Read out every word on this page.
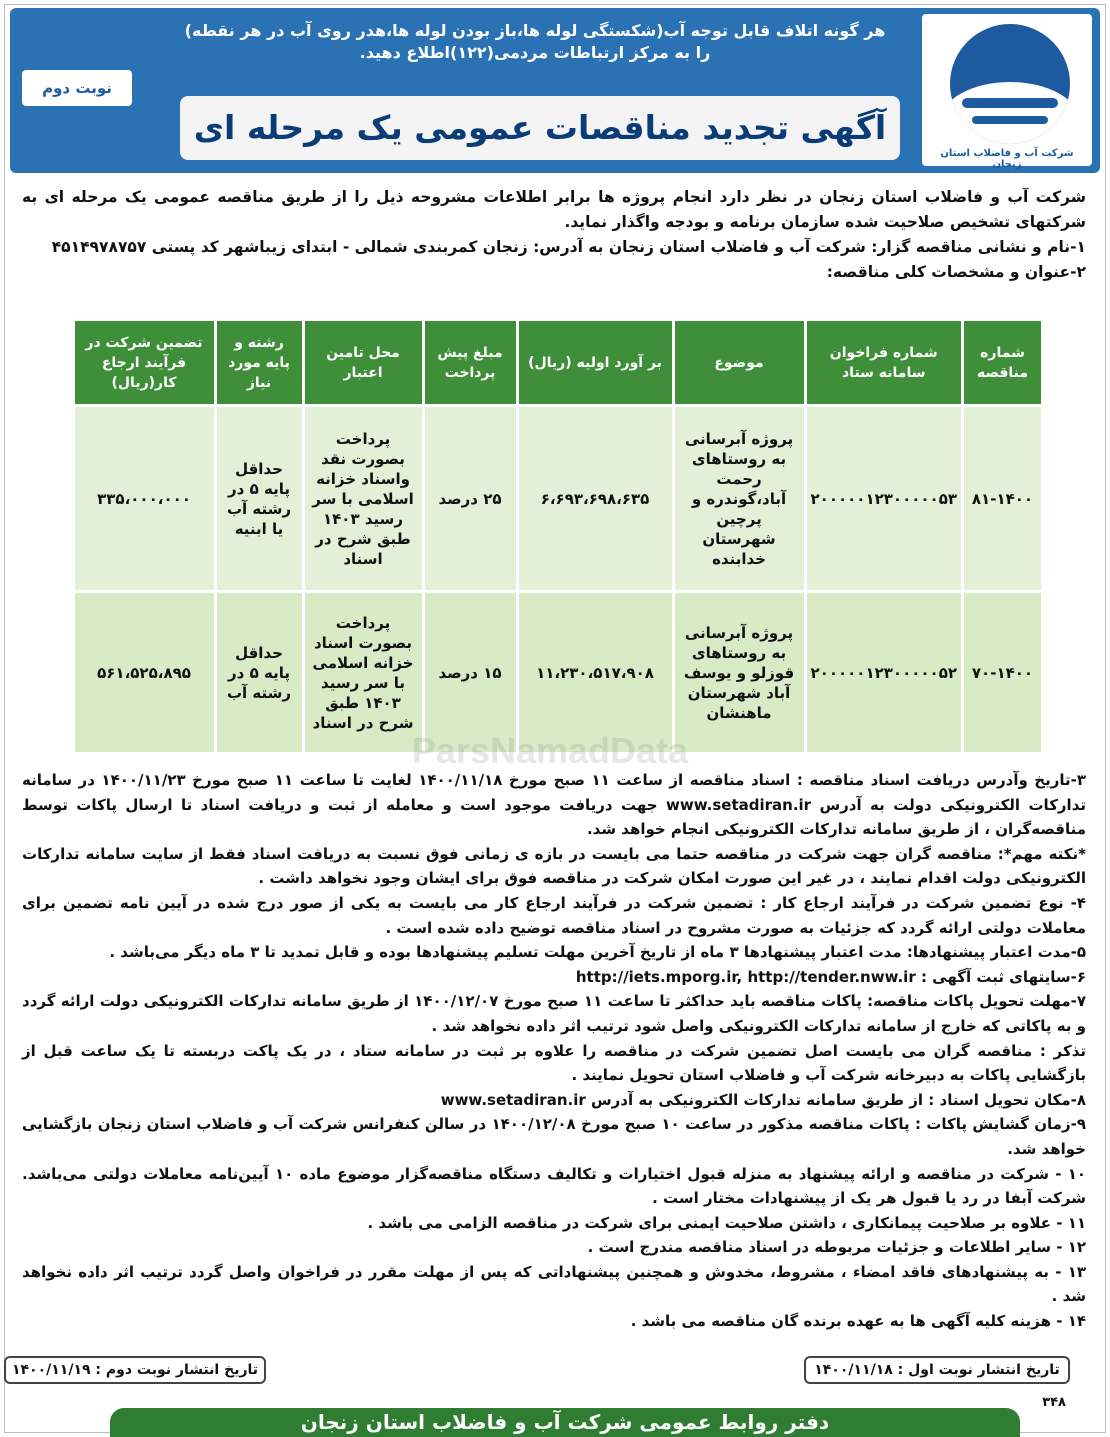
شرکت آب و فاضلاب استان زنجان
هر گونه اتلاف قابل توجه آب(شکستگی لوله ها،باز بودن لوله ها،هدر روی آب در هر نقطه)
را به مرکز ارتباطات مردمی(۱۲۲)اطلاع دهید.
آگهی تجدید مناقصات عمومی یک مرحله ای
نوبت دوم
شرکت آب و فاضلاب استان زنجان در نظر دارد انجام پروژه ها برابر اطلاعات مشروحه ذیل را از طریق مناقصه عمومی یک مرحله ای به شرکتهای تشخیص صلاحیت شده سازمان برنامه و بودجه واگذار نماید.
۱-نام و نشانی مناقصه گزار: شرکت آب و فاضلاب استان زنجان به آدرس: زنجان کمربندی شمالی - ابتدای زیباشهر کد پستی ۴۵۱۴۹۷۸۷۵۷
۲-عنوان و مشخصات کلی مناقصه:
شماره مناقصه	شماره فراخوان سامانه ستاد	موضوع	بر آورد اولیه (ریال)	مبلغ پیش پرداخت	محل تامین اعتبار	رشته و پایه مورد نیاز	تضمین شرکت در فرآیند ارجاع کار(ریال)
۸۱-۱۴۰۰	۲۰۰۰۰۰۱۲۳۰۰۰۰۰۵۳	پروژه آبرسانی به روستاهای رحمت آباد،گوندره و پرچین شهرستان خدابنده	۶،۶۹۳،۶۹۸،۶۳۵	۲۵ درصد	پرداخت بصورت نقد واسناد خزانه اسلامی با سر رسید ۱۴۰۳ طبق شرح در اسناد	حداقل پایه ۵ در رشته آب یا ابنیه	۳۳۵،۰۰۰،۰۰۰
۷۰-۱۴۰۰	۲۰۰۰۰۰۱۲۳۰۰۰۰۰۵۲	پروژه آبرسانی به روستاهای قوزلو و یوسف آباد شهرستان ماهنشان	۱۱،۲۳۰،۵۱۷،۹۰۸	۱۵ درصد	پرداخت بصورت اسناد خزانه اسلامی با سر رسید ۱۴۰۳ طبق شرح در اسناد	حداقل پایه ۵ در رشته آب	۵۶۱،۵۲۵،۸۹۵
ParsNamadData

۳-تاریخ وآدرس دریافت اسناد مناقصه : اسناد مناقصه از ساعت ۱۱ صبح مورخ ۱۴۰۰/۱۱/۱۸ لغایت تا ساعت ۱۱ صبح مورخ ۱۴۰۰/۱۱/۲۳ در سامانه تدارکات الکترونیکی دولت به آدرس www.setadiran.ir جهت دریافت موجود است و معامله از ثبت و دریافت اسناد تا ارسال پاکات توسط مناقصه‌گران ، از طریق سامانه تدارکات الکترونیکی انجام خواهد شد.

*نکته مهم*: مناقصه گران جهت شرکت در مناقصه حتما می بایست در بازه ی زمانی فوق نسبت به دریافت اسناد فقط از سایت سامانه تدارکات الکترونیکی دولت اقدام نمایند ، در غیر این صورت امکان شرکت در مناقصه فوق برای ایشان وجود نخواهد داشت .

۴- نوع تضمین شرکت در فرآیند ارجاع کار : تضمین شرکت در فرآیند ارجاع کار می بایست به یکی از صور درج شده در آیین نامه تضمین برای معاملات دولتی ارائه گردد که جزئیات به صورت مشروح در اسناد مناقصه توضیح داده شده است .

۵-مدت اعتبار پیشنهادها: مدت اعتبار پیشنهادها ۳ ماه از تاریخ آخرین مهلت تسلیم پیشنهادها بوده و قابل تمدید تا ۳ ماه دیگر می‌باشد .

۶-سایتهای ثبت آگهی : http://iets.mporg.ir, http://tender.nww.ir

۷-مهلت تحویل پاکات مناقصه: پاکات مناقصه باید حداکثر تا ساعت ۱۱ صبح مورخ ۱۴۰۰/۱۲/۰۷ از طریق سامانه تدارکات الکترونیکی دولت ارائه گردد و به پاکاتی که خارج از سامانه تدارکات الکترونیکی واصل شود ترتیب اثر داده نخواهد شد .

تذکر : مناقصه گران می بایست اصل تضمین شرکت در مناقصه را علاوه بر ثبت در سامانه ستاد ، در یک پاکت دربسته تا یک ساعت قبل از بازگشایی پاکات به دبیرخانه شرکت آب و فاضلاب استان تحویل نمایند .

۸-مکان تحویل اسناد : از طریق سامانه تدارکات الکترونیکی به آدرس www.setadiran.ir

۹-زمان گشایش پاکات : پاکات مناقصه مذکور در ساعت ۱۰ صبح مورخ ۱۴۰۰/۱۲/۰۸ در سالن کنفرانس شرکت آب و فاضلاب استان زنجان بازگشایی خواهد شد.

۱۰ - شرکت در مناقصه و ارائه پیشنهاد به منزله قبول اختیارات و تکالیف دستگاه مناقصه‌گزار موضوع ماده ۱۰ آیین‌نامه معاملات دولتی می‌باشد. شرکت آبفا در رد یا قبول هر یک از پیشنهادات مختار است .

۱۱ - علاوه بر صلاحیت پیمانکاری ، داشتن صلاحیت ایمنی برای شرکت در مناقصه الزامی می باشد .

۱۲ - سایر اطلاعات و جزئیات مربوطه در اسناد مناقصه مندرج است .

۱۳ - به پیشنهادهای فاقد امضاء ، مشروط، مخدوش و همچنین پیشنهاداتی که پس از مهلت مقرر در فراخوان واصل گردد ترتیب اثر داده نخواهد شد .

۱۴ - هزینه کلیه آگهی ها به عهده برنده گان مناقصه می باشد .

تاریخ انتشار نوبت اول : ۱۴۰۰/۱۱/۱۸
تاریخ انتشار نوبت دوم : ۱۴۰۰/۱۱/۱۹
۳۴۸
دفتر روابط عمومی شرکت آب و فاضلاب استان زنجان
